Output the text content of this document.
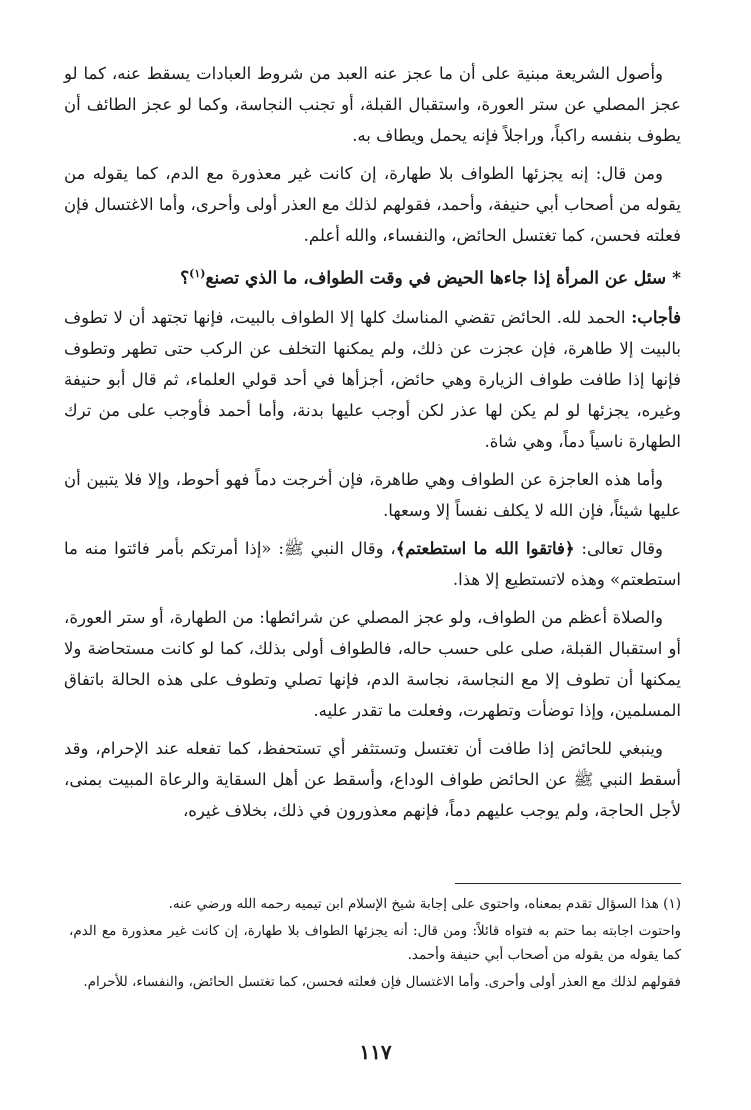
وأصول الشريعة مبنية على أن ما عجز عنه العبد من شروط العبادات يسقط عنه، كما لو عجز المصلي عن ستر العورة، واستقبال القبلة، أو تجنب النجاسة، وكما لو عجز الطائف أن يطوف بنفسه راكباً، وراجلاً فإنه يحمل ويطاف به.

ومن قال: إنه يجزئها الطواف بلا طهارة، إن كانت غير معذورة مع الدم، كما يقوله من يقوله من أصحاب أبي حنيفة، وأحمد، فقولهم لذلك مع العذر أولى وأحرى، وأما الاغتسال فإن فعلته فحسن، كما تغتسل الحائض، والنفساء، والله أعلم.

* سئل عن المرأة إذا جاءها الحيض في وقت الطواف، ما الذي تصنع$^{(١)}$؟

فأجاب: الحمد لله. الحائض تقضي المناسك كلها إلا الطواف بالبيت، فإنها تجتهد أن لا تطوف بالبيت إلا طاهرة، فإن عجزت عن ذلك، ولم يمكنها التخلف عن الركب حتى تطهر وتطوف فإنها إذا طافت طواف الزيارة وهي حائض، أجزأها في أحد قولي العلماء، ثم قال أبو حنيفة وغيره، يجزئها لو لم يكن لها عذر لكن أوجب عليها بدنة، وأما أحمد فأوجب على من ترك الطهارة ناسياً دماً، وهي شاة.

وأما هذه العاجزة عن الطواف وهي طاهرة، فإن أخرجت دماً فهو أحوط، وإلا فلا يتبين أن عليها شيئاً، فإن الله لا يكلف نفساً إلا وسعها.

وقال تعالى: ﴿فاتقوا الله ما استطعتم﴾، وقال النبي ﷺ: «إذا أمرتكم بأمر فائتوا منه ما استطعتم» وهذه لاتستطيع إلا هذا.

والصلاة أعظم من الطواف، ولو عجز المصلي عن شرائطها: من الطهارة، أو ستر العورة، أو استقبال القبلة، صلى على حسب حاله، فالطواف أولى بذلك، كما لو كانت مستحاضة ولا يمكنها أن تطوف إلا مع النجاسة، نجاسة الدم، فإنها تصلي وتطوف على هذه الحالة باتفاق المسلمين، وإذا توضأت وتطهرت، وفعلت ما تقدر عليه.

وينبغي للحائض إذا طافت أن تغتسل وتستثفر أي تستحفظ، كما تفعله عند الإحرام، وقد أسقط النبي ﷺ عن الحائض طواف الوداع، وأسقط عن أهل السقاية والرعاة المبيت بمنى، لأجل الحاجة، ولم يوجب عليهم دماً، فإنهم معذورون في ذلك، بخلاف غيره،

(١) هذا السؤال تقدم بمعناه، واحتوى على إجابة شيخ الإسلام ابن تيميه رحمه الله ورضي عنه.

واحتوت اجابته بما حتم به فتواه قائلاً: ومن قال: أنه يجزئها الطواف بلا طهارة، إن كانت غير معذورة مع الدم، كما يقوله من يقوله من أصحاب أبي حنيفة وأحمد.

فقولهم لذلك مع العذر أولى وأحرى. وأما الاغتسال فإن فعلته فحسن، كما تغتسل الحائض، والنفساء، للأحرام.

١١٧
